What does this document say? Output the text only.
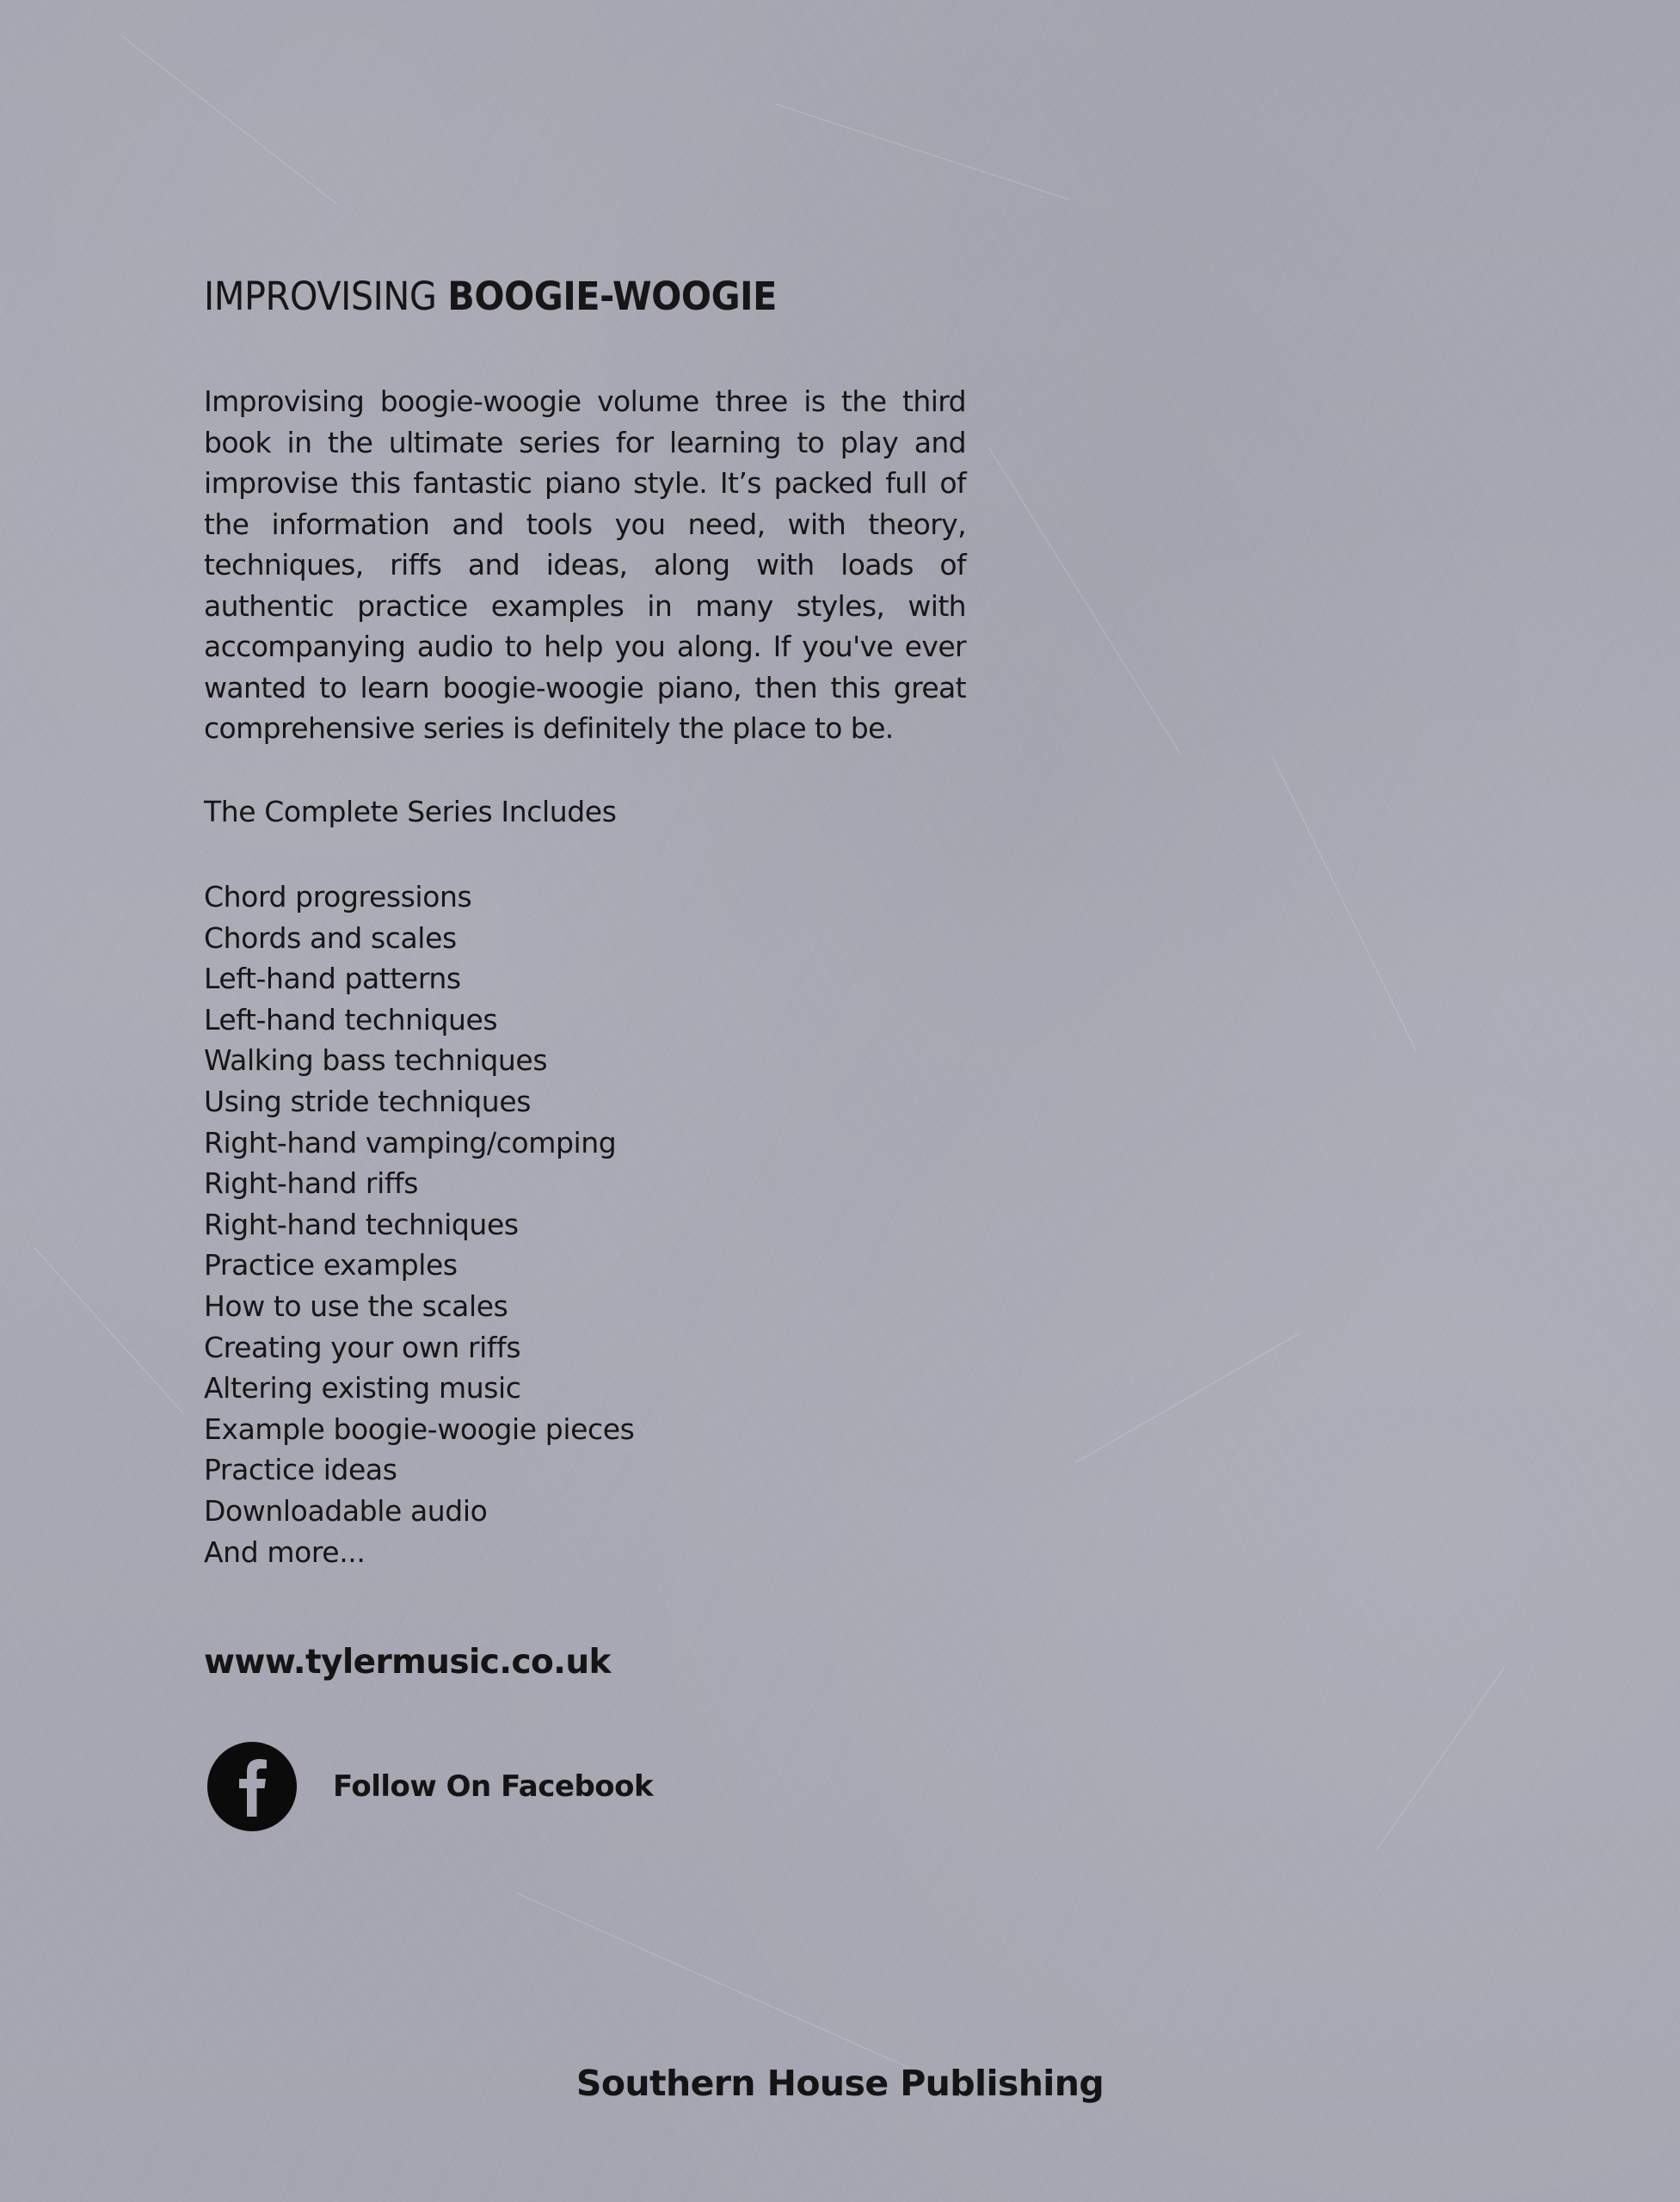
IMPROVISING BOOGIE-WOOGIE

Improvising boogie-woogie volume three is the third book in the ultimate series for learning to play and improvise this fantastic piano style. It’s packed full of the information and tools you need, with theory, techniques, riffs and ideas, along with loads of authentic practice examples in many styles, with accompanying audio to help you along. If you've ever wanted to learn boogie-woogie piano, then this great comprehensive series is definitely the place to be.

The Complete Series Includes

Chord progressions
Chords and scales
Left-hand patterns
Left-hand techniques
Walking bass techniques
Using stride techniques
Right-hand vamping/comping
Right-hand riffs
Right-hand techniques
Practice examples
How to use the scales
Creating your own riffs
Altering existing music
Example boogie-woogie pieces
Practice ideas
Downloadable audio
And more...
www.tylermusic.co.uk
Follow On Facebook

Southern House Publishing
